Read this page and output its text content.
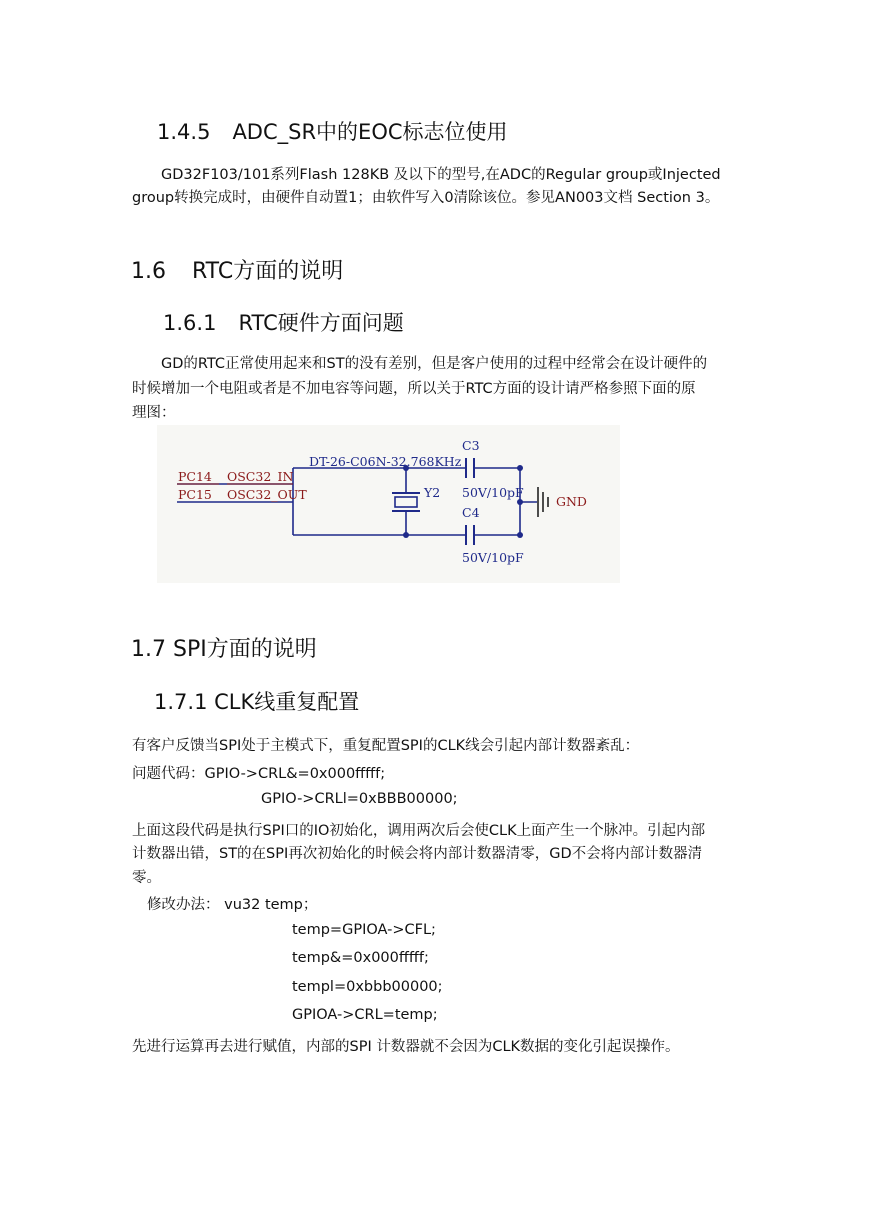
1.4.5 ADC_SR中的EOC标志位使用
GD32F103/101系列Flash 128KB 及以下的型号,在ADC的Regular group或Injected
group转换完成时，由硬件自动置1；由软件写入0清除该位。参见AN003文档 Section 3。
1.6 RTC方面的说明
1.6.1 RTC硬件方面问题
GD的RTC正常使用起来和ST的没有差别，但是客户使用的过程中经常会在设计硬件的
时候增加一个电阻或者是不加电容等问题，所以关于RTC方面的设计请严格参照下面的原
理图：
PC14 OSC32_IN
PC15 OSC32_OUT
DT-26-C06N-32.768KHz
Y2
C3
50V/10pF
C4
50V/10pF
GND
1.7 SPI方面的说明
1.7.1 CLK线重复配置
有客户反馈当SPI处于主模式下，重复配置SPI的CLK线会引起内部计数器紊乱：
问题代码：GPIO->CRL&=0x000fffff;
GPIO->CRLl=0xBBB00000;
上面这段代码是执行SPI口的IO初始化，调用两次后会使CLK上面产生一个脉冲。引起内部
计数器出错，ST的在SPI再次初始化的时候会将内部计数器清零，GD不会将内部计数器清
零。
修改办法： vu32 temp；
temp=GPIOA->CFL;
temp&=0x000fffff;
templ=0xbbb00000;
GPIOA->CRL=temp;
先进行运算再去进行赋值，内部的SPI 计数器就不会因为CLK数据的变化引起误操作。
